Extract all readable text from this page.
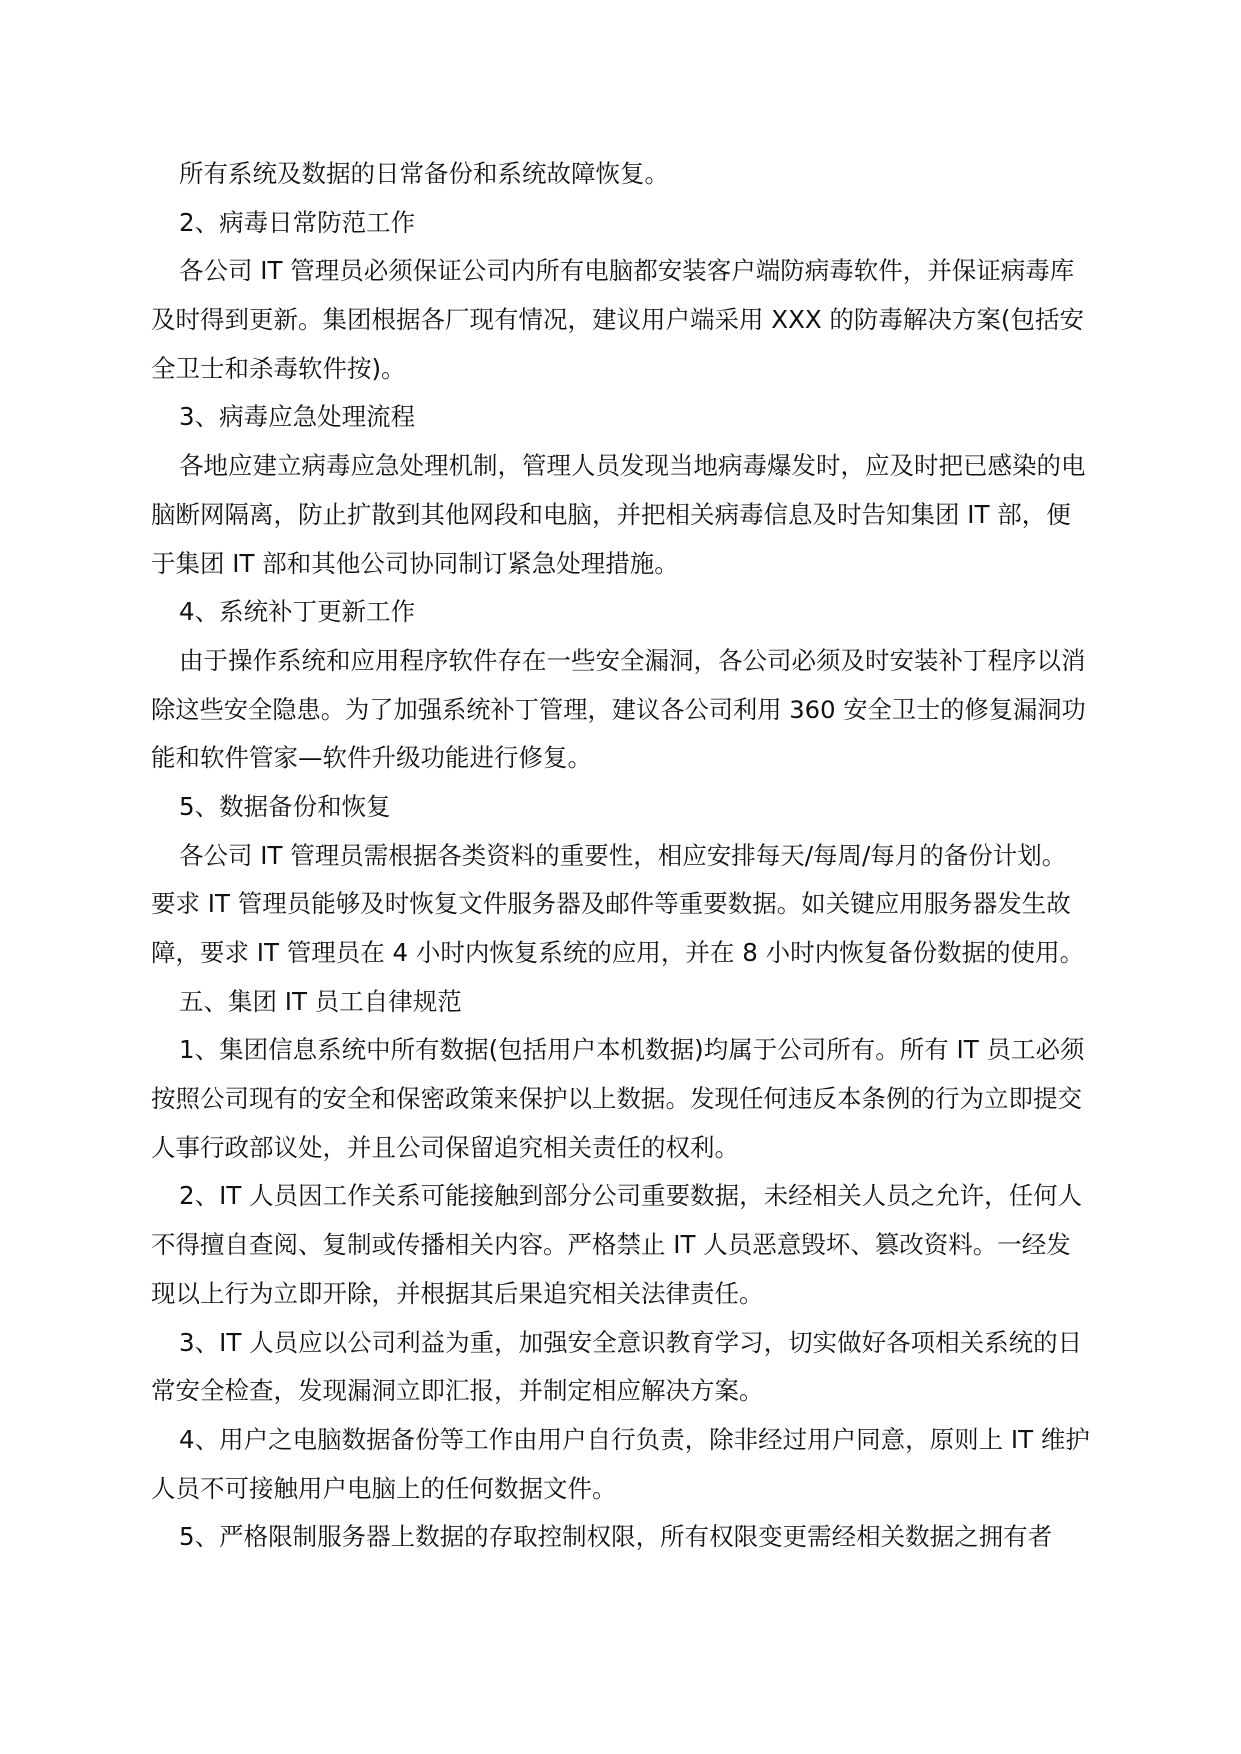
所有系统及数据的日常备份和系统故障恢复。
2、病毒日常防范工作
各公司 IT 管理员必须保证公司内所有电脑都安装客户端防病毒软件，并保证病毒库
及时得到更新。集团根据各厂现有情况，建议用户端采用 XXX 的防毒解决方案(包括安
全卫士和杀毒软件按)。
3、病毒应急处理流程
各地应建立病毒应急处理机制，管理人员发现当地病毒爆发时，应及时把已感染的电
脑断网隔离，防止扩散到其他网段和电脑，并把相关病毒信息及时告知集团 IT 部，便
于集团 IT 部和其他公司协同制订紧急处理措施。
4、系统补丁更新工作
由于操作系统和应用程序软件存在一些安全漏洞，各公司必须及时安装补丁程序以消
除这些安全隐患。为了加强系统补丁管理，建议各公司利用 360 安全卫士的修复漏洞功
能和软件管家—软件升级功能进行修复。
5、数据备份和恢复
各公司 IT 管理员需根据各类资料的重要性，相应安排每天/每周/每月的备份计划。
要求 IT 管理员能够及时恢复文件服务器及邮件等重要数据。如关键应用服务器发生故
障，要求 IT 管理员在 4 小时内恢复系统的应用，并在 8 小时内恢复备份数据的使用。
五、集团 IT 员工自律规范
1、集团信息系统中所有数据(包括用户本机数据)均属于公司所有。所有 IT 员工必须
按照公司现有的安全和保密政策来保护以上数据。发现任何违反本条例的行为立即提交
人事行政部议处，并且公司保留追究相关责任的权利。
2、IT 人员因工作关系可能接触到部分公司重要数据，未经相关人员之允许，任何人
不得擅自查阅、复制或传播相关内容。严格禁止 IT 人员恶意毁坏、篡改资料。一经发
现以上行为立即开除，并根据其后果追究相关法律责任。
3、IT 人员应以公司利益为重，加强安全意识教育学习，切实做好各项相关系统的日
常安全检查，发现漏洞立即汇报，并制定相应解决方案。
4、用户之电脑数据备份等工作由用户自行负责，除非经过用户同意，原则上 IT 维护
人员不可接触用户电脑上的任何数据文件。
5、严格限制服务器上数据的存取控制权限，所有权限变更需经相关数据之拥有者
